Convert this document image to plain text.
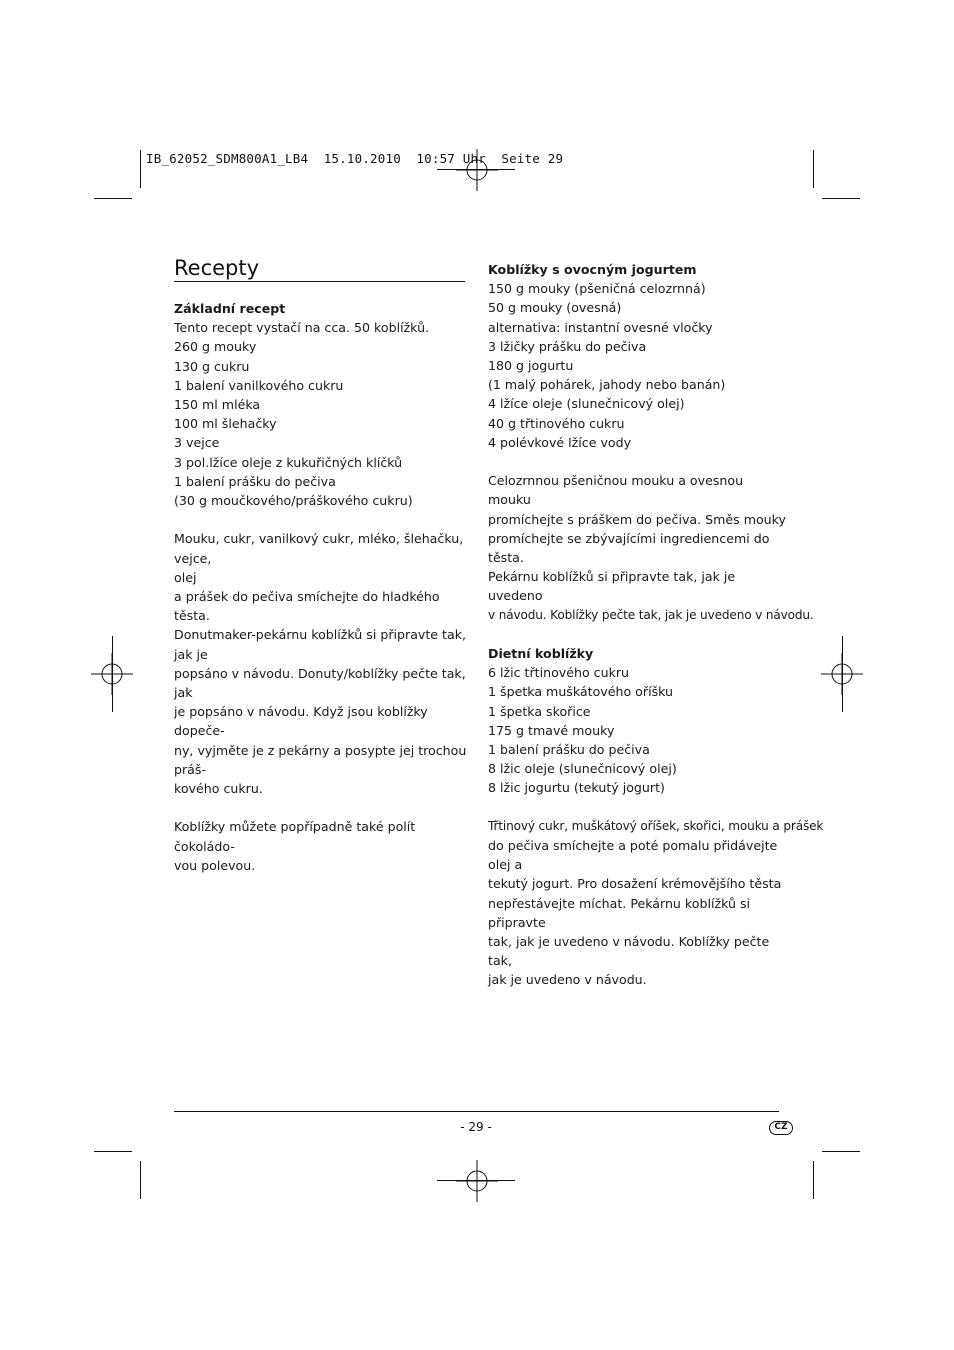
IB_62052_SDM800A1_LB4  15.10.2010  10:57 Uhr  Seite 29
Recepty
Základní recept

Tento recept vystačí na cca. 50 koblížků.

260 g mouky

130 g cukru

1 balení vanilkového cukru

150 ml mléka

100 ml šlehačky

3 vejce

3 pol.lžíce oleje z kukuřičných klíčků

1 balení prášku do pečiva

(30 g moučkového/práškového cukru)

Mouku, cukr, vanilkový cukr, mléko, šlehačku, vejce,

olej

a prášek do pečiva smíchejte do hladkého těsta.

Donutmaker-pekárnu koblížků si připravte tak, jak je

popsáno v návodu. Donuty/koblížky pečte tak, jak

je popsáno v návodu. Když jsou koblížky dopeče-

ny, vyjměte je z pekárny a posypte jej trochou práš-

kového cukru.

Koblížky můžete popřípadně také polít čokoládo-

vou polevou.

Koblížky s ovocným jogurtem

150 g mouky (pšeničná celozrnná)

50 g mouky (ovesná)

alternativa: instantní ovesné vločky

3 lžičky prášku do pečiva

180 g jogurtu

(1 malý pohárek, jahody nebo banán)

4 lžíce oleje (slunečnicový olej)

40 g třtinového cukru

4 polévkové lžíce vody

Celozrnnou pšeničnou mouku a ovesnou mouku

promíchejte s práškem do pečiva. Směs mouky

promíchejte se zbývajícími ingrediencemi do těsta.

Pekárnu koblížků si připravte tak, jak je uvedeno

v návodu. Koblížky pečte tak, jak je uvedeno v návodu.

Dietní koblížky

6 lžic třtinového cukru

1 špetka muškátového oříšku

1 špetka skořice

175 g tmavé mouky

1 balení prášku do pečiva

8 lžic oleje (slunečnicový olej)

8 lžic jogurtu (tekutý jogurt)

Třtinový cukr, muškátový oříšek, skořici, mouku a prášek

do pečiva smíchejte a poté pomalu přidávejte olej a

tekutý jogurt. Pro dosažení krémovějšího těsta

nepřestávejte míchat. Pekárnu koblížků si připravte

tak, jak je uvedeno v návodu. Koblížky pečte tak,

jak je uvedeno v návodu.

- 29 -	CZ
